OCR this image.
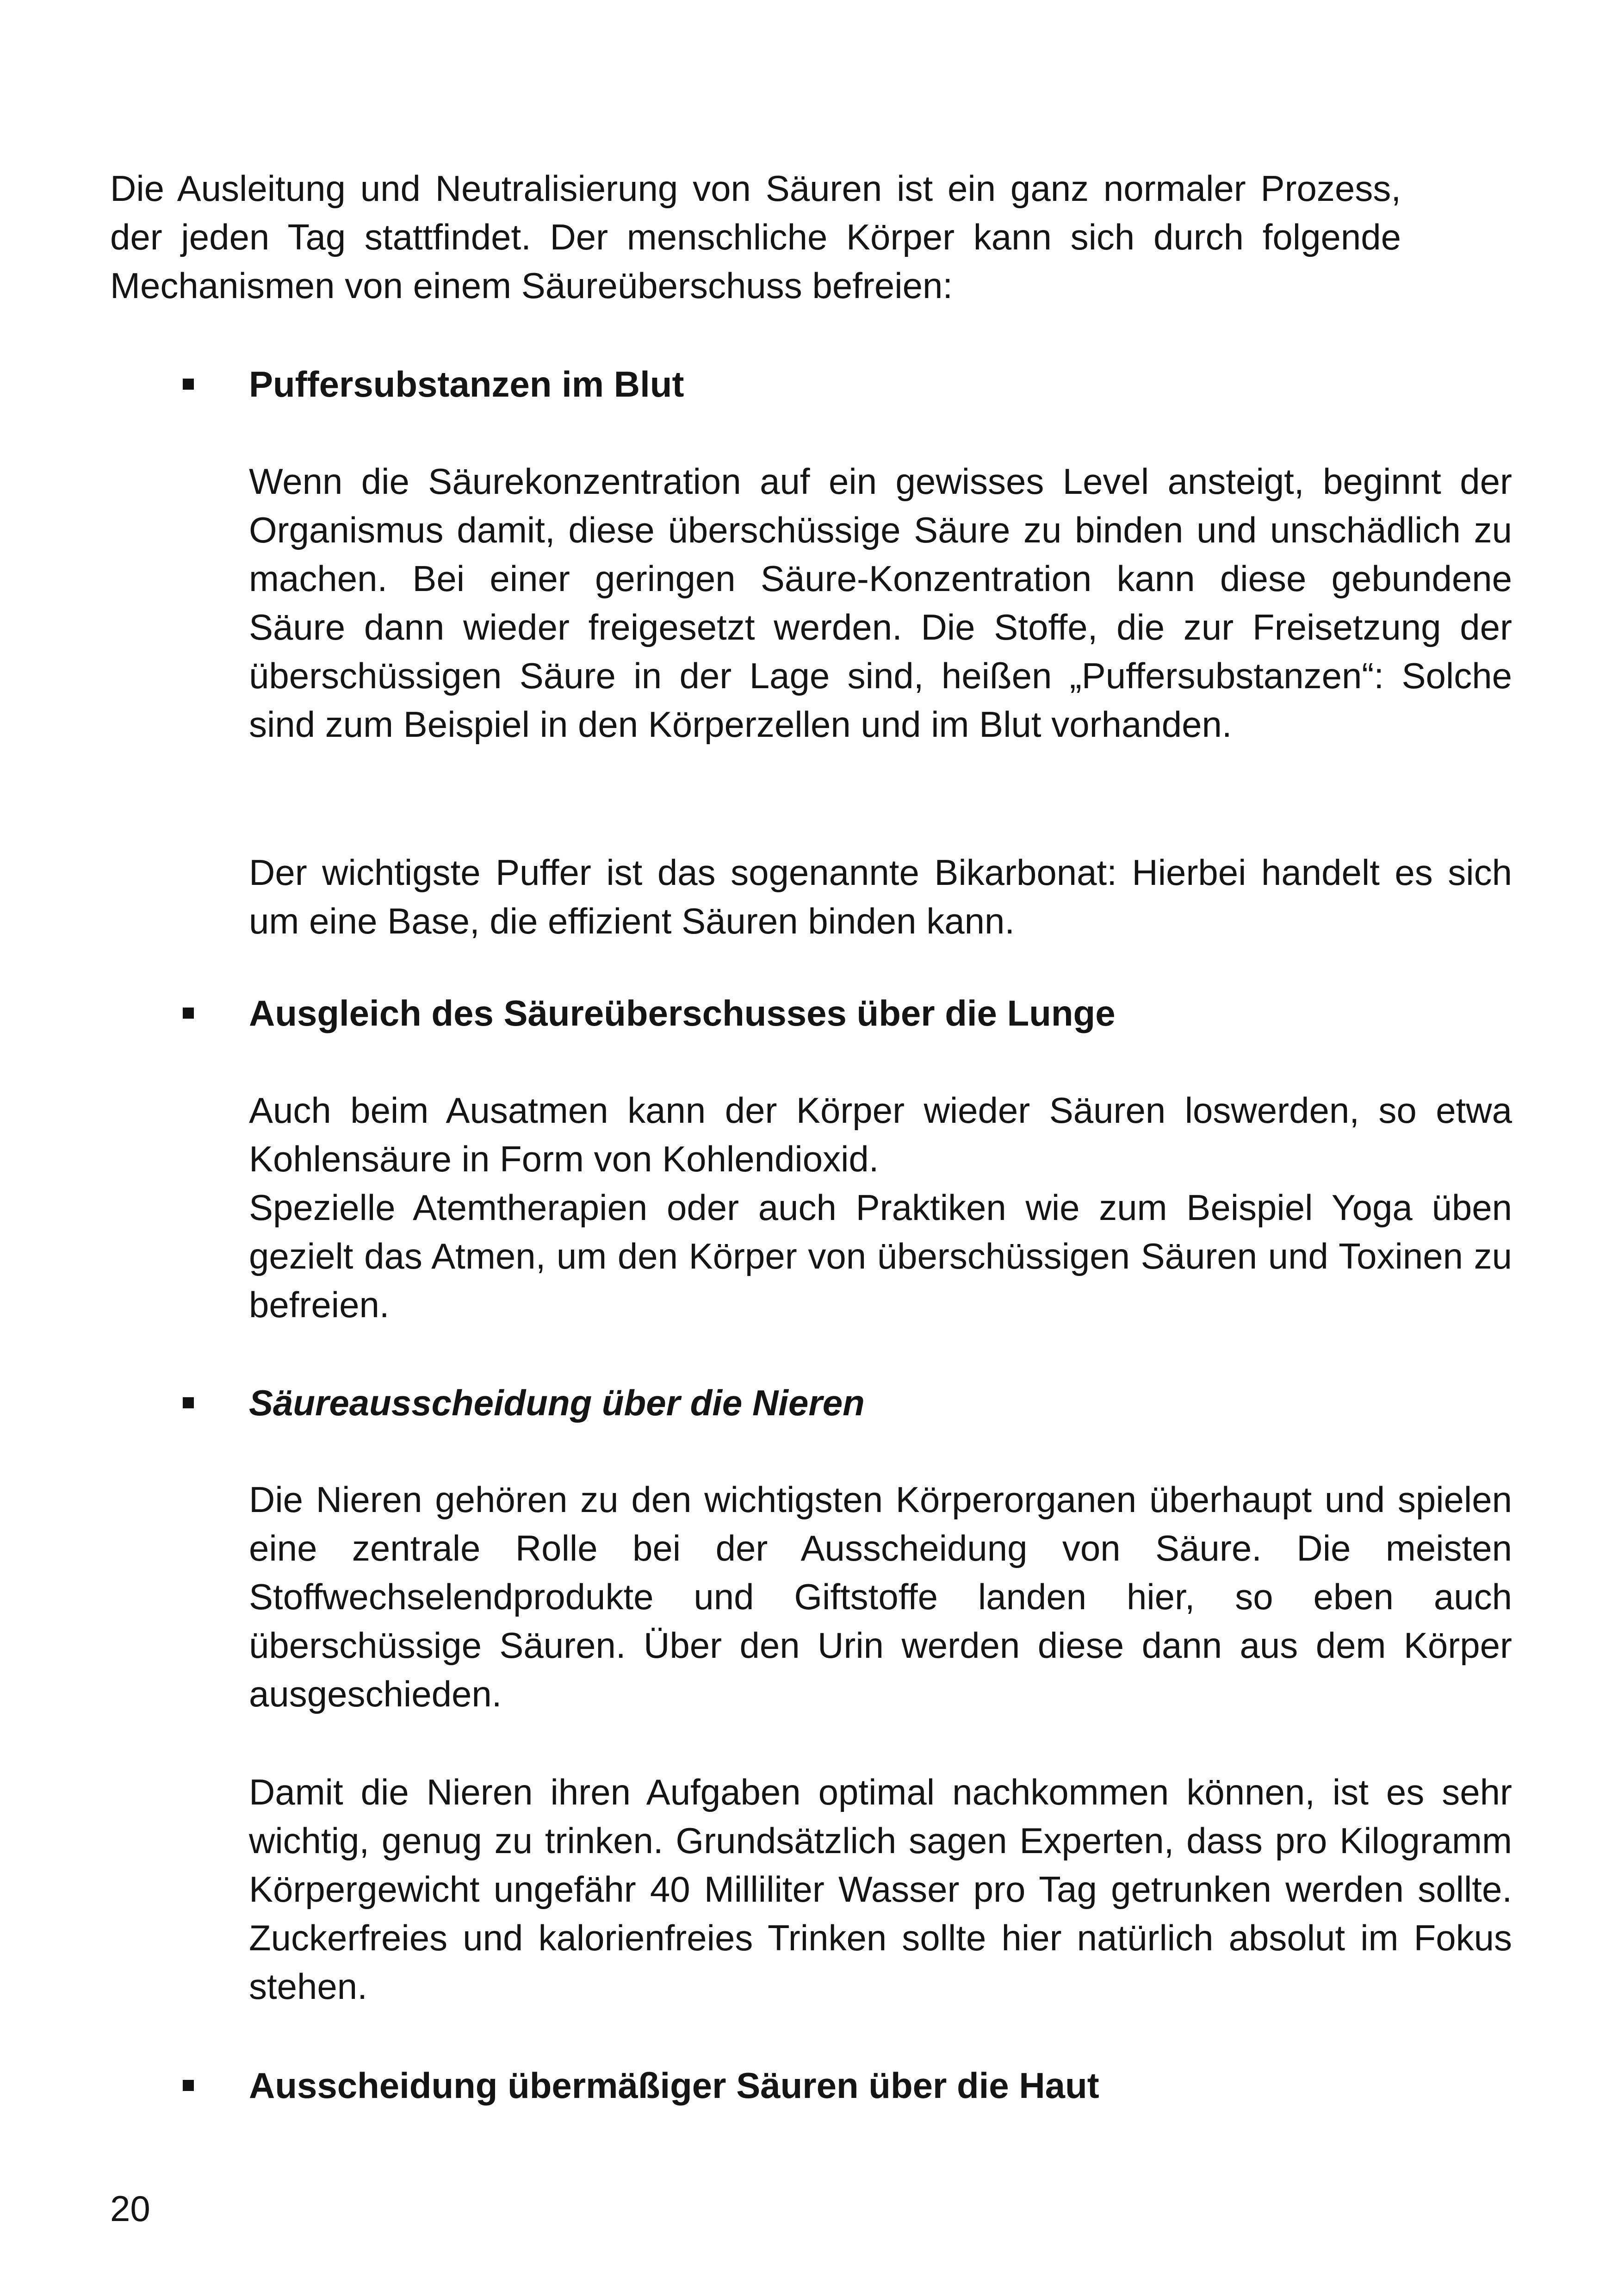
Die Ausleitung und Neutralisierung von Säuren ist ein ganz normaler Prozess, der jeden Tag stattfindet. Der menschliche Körper kann sich durch folgende Mechanismen von einem Säureüberschuss befreien:

Puffersubstanzen im Blut

Wenn die Säurekonzentration auf ein gewisses Level ansteigt, beginnt der Organismus damit, diese überschüssige Säure zu binden und unschädlich zu machen. Bei einer geringen Säure-Konzentration kann diese gebundene Säure dann wieder freigesetzt werden. Die Stoffe, die zur Freisetzung der überschüssigen Säure in der Lage sind, heißen „Puffersubstanzen“: Solche sind zum Beispiel in den Körperzellen und im Blut vorhanden.

Der wichtigste Puffer ist das sogenannte Bikarbonat: Hierbei handelt es sich um eine Base, die effizient Säuren binden kann.

Ausgleich des Säureüberschusses über die Lunge

Auch beim Ausatmen kann der Körper wieder Säuren loswerden, so etwa Kohlensäure in Form von Kohlendioxid.

Spezielle Atemtherapien oder auch Praktiken wie zum Beispiel Yoga üben gezielt das Atmen, um den Körper von überschüssigen Säuren und Toxinen zu befreien.

Säureausscheidung über die Nieren

Die Nieren gehören zu den wichtigsten Körperorganen überhaupt und spielen eine zentrale Rolle bei der Ausscheidung von Säure. Die meisten Stoffwechselendprodukte und Giftstoffe landen hier, so eben auch überschüssige Säuren. Über den Urin werden diese dann aus dem Körper ausgeschieden.

Damit die Nieren ihren Aufgaben optimal nachkommen können, ist es sehr wichtig, genug zu trinken. Grundsätzlich sagen Experten, dass pro Kilogramm Körpergewicht ungefähr 40 Milliliter Wasser pro Tag getrunken werden sollte. Zuckerfreies und kalorienfreies Trinken sollte hier natürlich absolut im Fokus stehen.

Ausscheidung übermäßiger Säuren über die Haut

20
